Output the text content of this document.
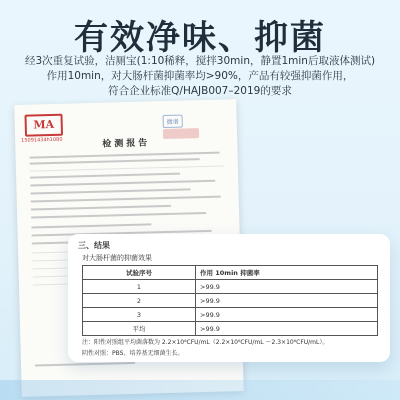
有效净味、抑菌
经3次重复试验，洁厕宝(1:10稀释，搅拌30min，静置1min后取液体测试)
作用10min，对大肠杆菌抑菌率均>90%，产品有较强抑菌作用，
符合企业标准Q/HAJB007–2019的要求
MA
15091434h1080
微谱
检测报告
三、结果
对大肠杆菌的抑菌效果
试验序号	作用 10min 抑菌率
1	>99.9
2	>99.9
3	>99.9
平均	>99.9
注：阳性对照组平均菌落数为 2.2×10⁶CFU/mL（2.2×10⁶CFU/mL ～2.3×10⁶CFU/mL）。
阴性对照：PBS、培养基无细菌生长。
